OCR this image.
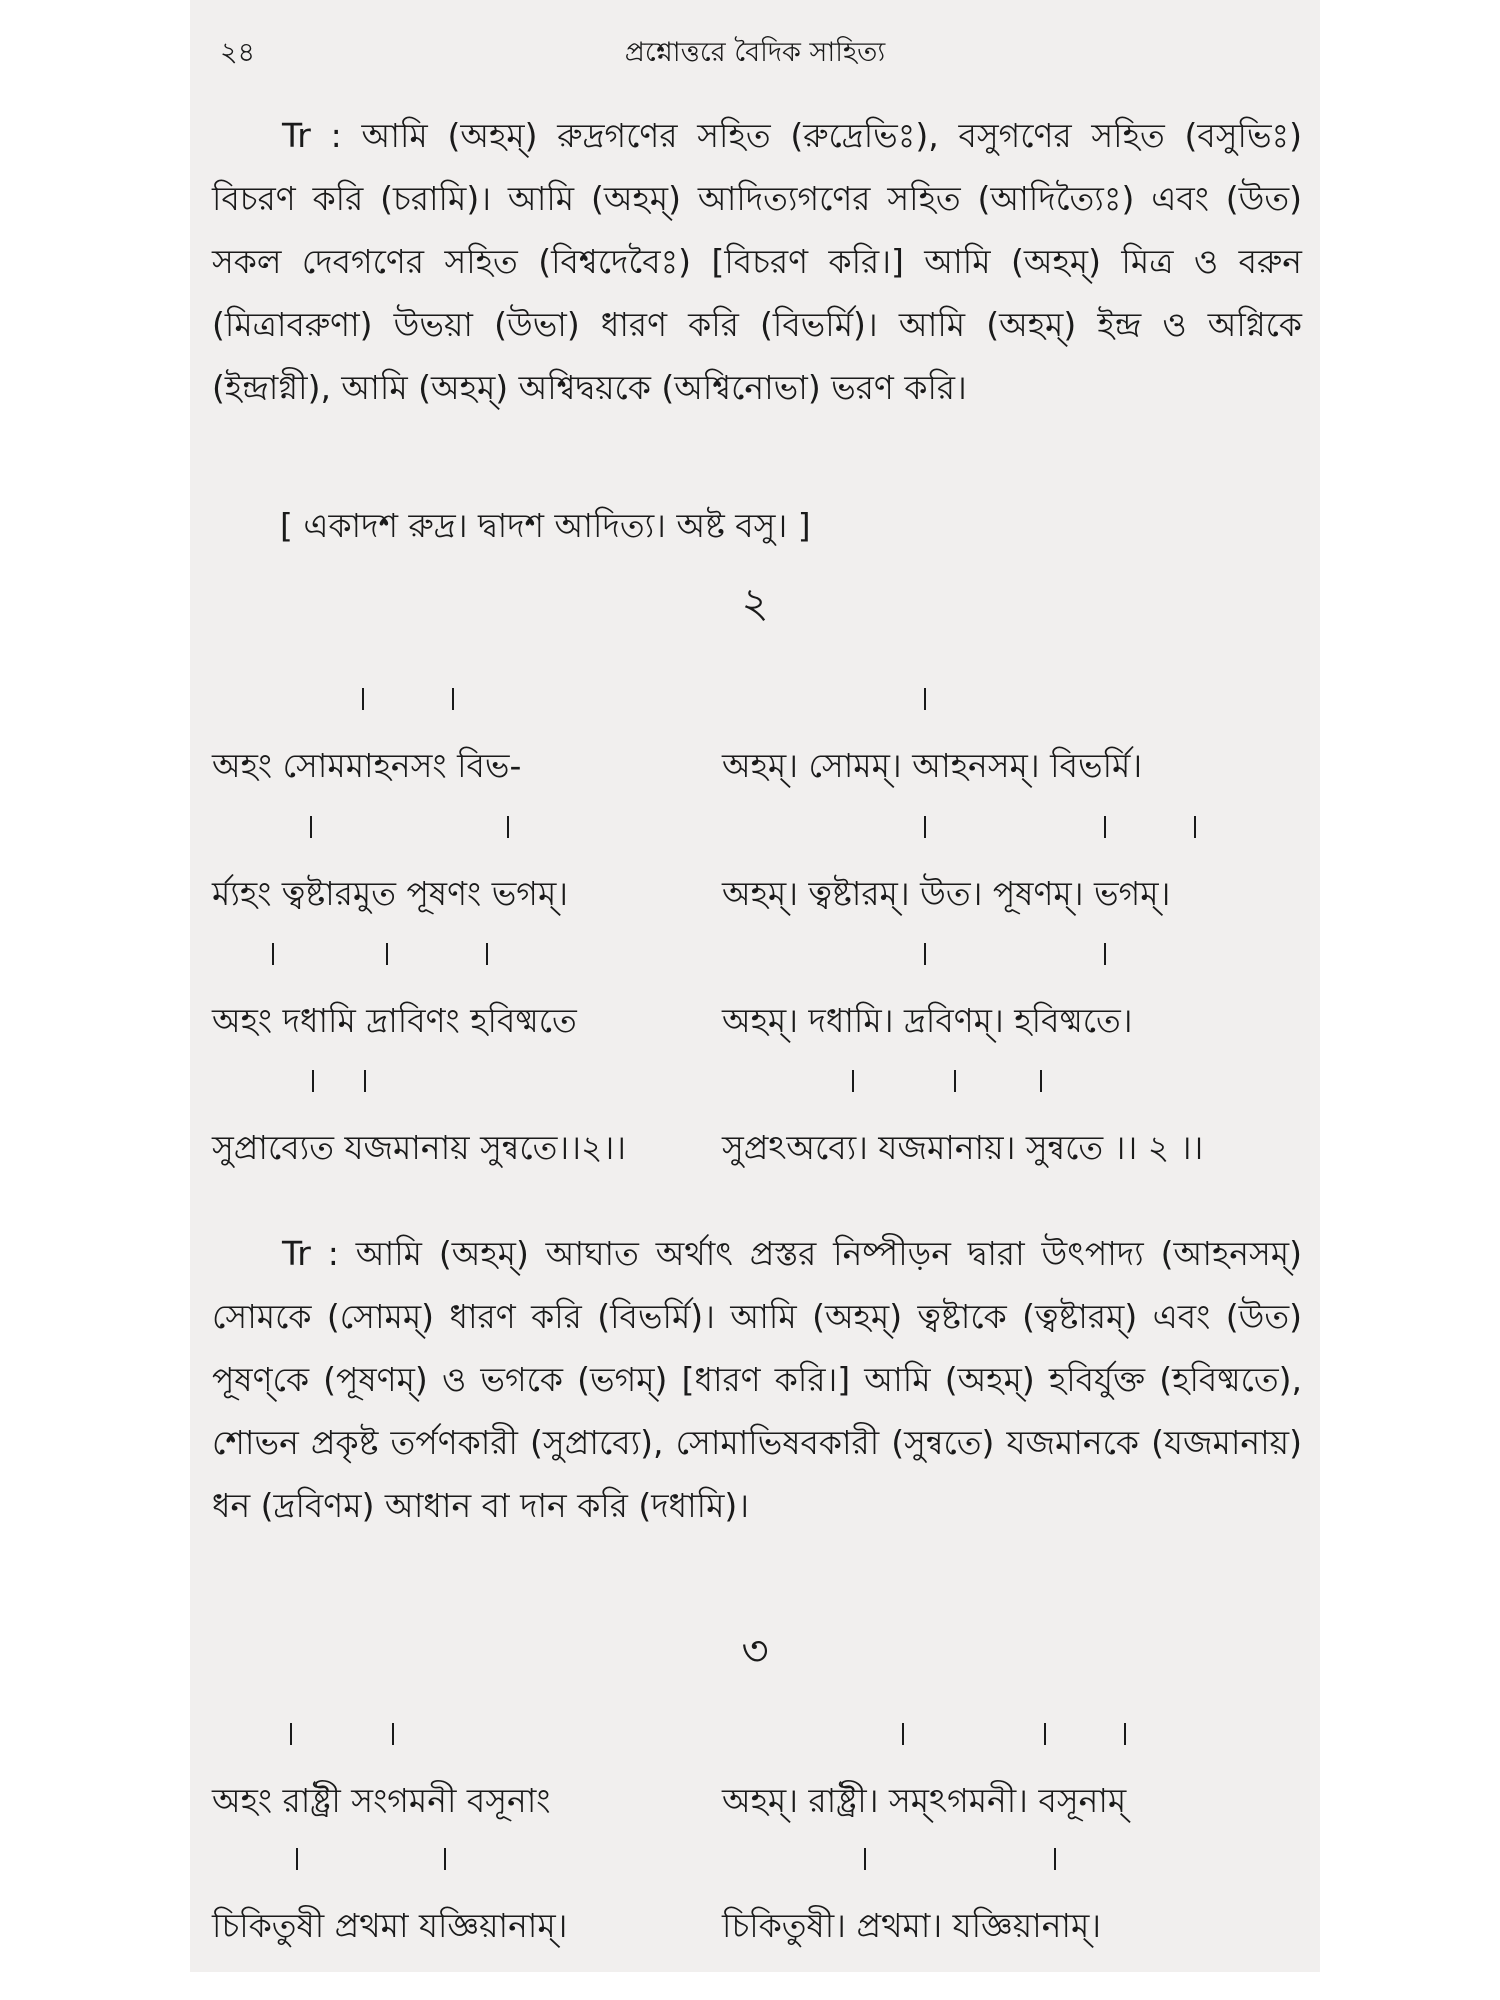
২৪	প্রশ্নোত্তরে বৈদিক সাহিত্য
Tr : আমি (অহম্) রুদ্রগণের সহিত (রুদ্রেভিঃ), বসুগণের সহিত (বসুভিঃ) বিচরণ করি (চরামি)। আমি (অহম্) আদিত্যগণের সহিত (আদিত্যৈঃ) এবং (উত) সকল দেবগণের সহিত (বিশ্বদেবৈঃ) [বিচরণ করি।] আমি (অহম্) মিত্র ও বরুন (মিত্রাবরুণা) উভয়া (উভা) ধারণ করি (বিভর্মি)। আমি (অহম্) ইন্দ্র ও অগ্নিকে (ইন্দ্রাগ্নী), আমি (অহম্) অশ্বিদ্বয়কে (অশ্বিনোভা) ভরণ করি।
[ একাদশ রুদ্র। দ্বাদশ আদিত্য। অষ্ট বসু। ]
২
অহং সোমমাহনসং বিভ-	অহম্। সোমম্। আহনসম্। বিভর্মি।
র্ম্যহং ত্বষ্টারমুত পূষণং ভগম্।	অহম্। ত্বষ্টারম্। উত। পূষণম্। ভগম্।
অহং দধামি দ্রাবিণং হবিষ্মতে	অহম্। দধামি। দ্রবিণম্। হবিষ্মতে।
সুপ্রাব্যেত যজমানায় সুন্বতে।।২।।	সুপ্রঽঅব্যে। যজমানায়। সুন্বতে ।। ২ ।।
Tr : আমি (অহম্) আঘাত অর্থাৎ প্রস্তর নিষ্পীড়ন দ্বারা উৎপাদ্য (আহনসম্) সোমকে (সোমম্) ধারণ করি (বিভর্মি)। আমি (অহম্) ত্বষ্টাকে (ত্বষ্টারম্) এবং (উত) পূষণ্‌কে (পূষণম্) ও ভগকে (ভগম্) [ধারণ করি।] আমি (অহম্) হবির্যুক্ত (হবিষ্মতে), শোভন প্রকৃষ্ট তর্পণকারী (সুপ্রাব্যে), সোমাভিষবকারী (সুন্বতে) যজমানকে (যজমানায়) ধন (দ্রবিণম) আধান বা দান করি (দধামি)।
৩
অহং রাষ্ট্রী সংগমনী বসূনাং	অহম্। রাষ্ট্রী। সম্ঽগমনী। বসূনাম্
চিকিতুষী প্রথমা যজ্ঞিয়ানাম্।	চিকিতুষী। প্রথমা। যজ্ঞিয়ানাম্।
